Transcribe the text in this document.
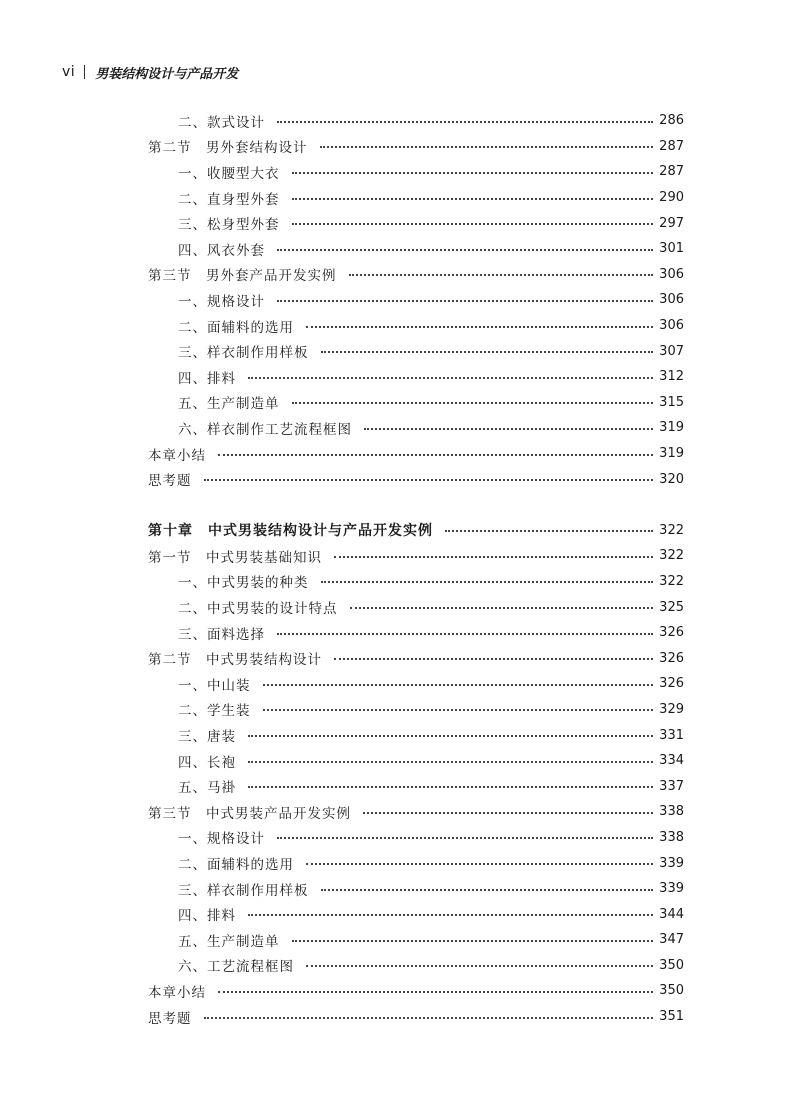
vi 男装结构设计与产品开发
二、款式设计	286
第二节　男外套结构设计	287
一、收腰型大衣	287
二、直身型外套	290
三、松身型外套	297
四、风衣外套	301
第三节　男外套产品开发实例	306
一、规格设计	306
二、面辅料的选用	306
三、样衣制作用样板	307
四、排料	312
五、生产制造单	315
六、样衣制作工艺流程框图	319
本章小结	319
思考题	320
第十章　中式男装结构设计与产品开发实例	322
第一节　中式男装基础知识	322
一、中式男装的种类	322
二、中式男装的设计特点	325
三、面料选择	326
第二节　中式男装结构设计	326
一、中山装	326
二、学生装	329
三、唐装	331
四、长袍	334
五、马褂	337
第三节　中式男装产品开发实例	338
一、规格设计	338
二、面辅料的选用	339
三、样衣制作用样板	339
四、排料	344
五、生产制造单	347
六、工艺流程框图	350
本章小结	350
思考题	351
